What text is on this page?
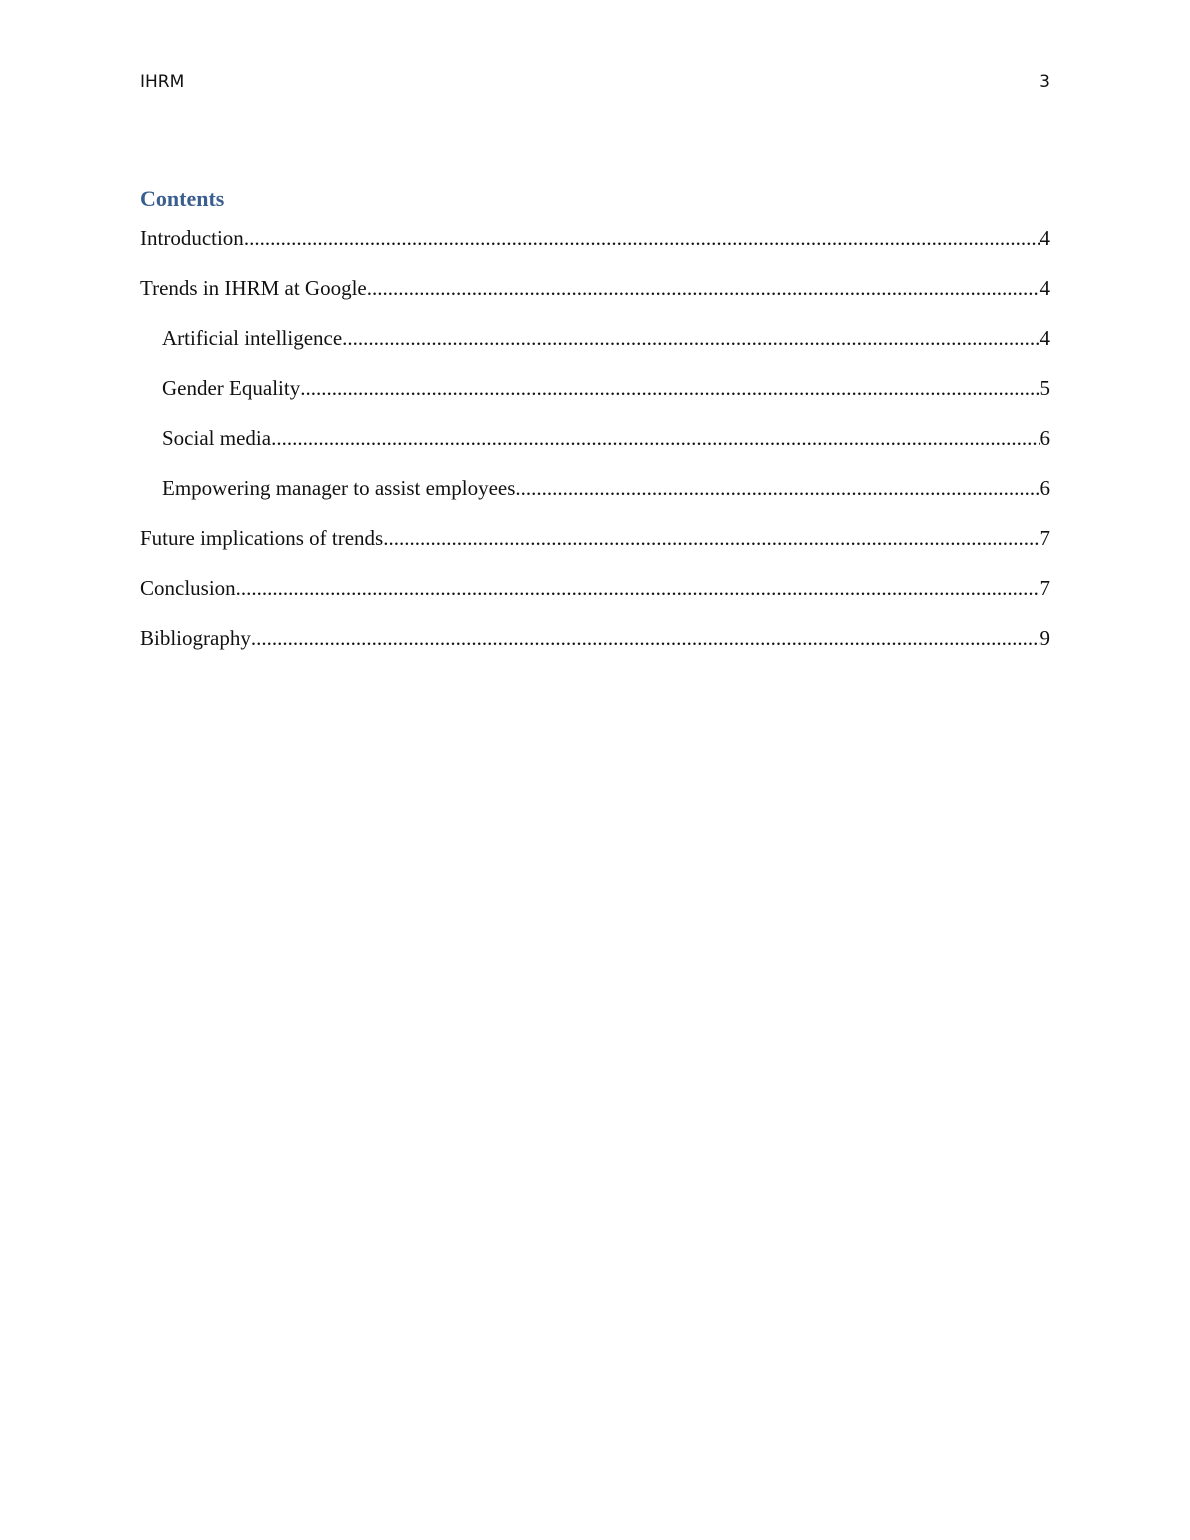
IHRM	3
Contents
Introduction .....	4
Trends in IHRM at Google .....	4
Artificial intelligence .....	4
Gender Equality .....	5
Social media .....	6
Empowering manager to assist employees .....	6
Future implications of trends .....	7
Conclusion .....	7
Bibliography .....	9
